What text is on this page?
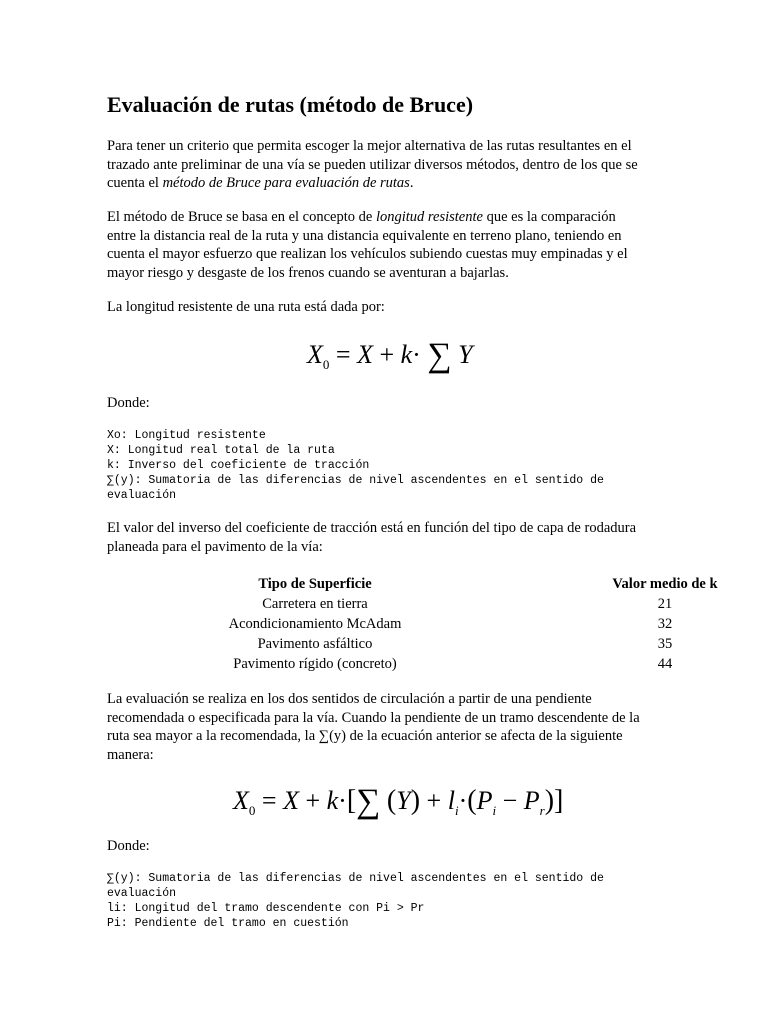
Evaluación de rutas (método de Bruce)

Para tener un criterio que permita escoger la mejor alternativa de las rutas resultantes en el
trazado ante preliminar de una vía se pueden utilizar diversos métodos, dentro de los que se
cuenta el método de Bruce para evaluación de rutas.

El método de Bruce se basa en el concepto de longitud resistente que es la comparación
entre la distancia real de la ruta y una distancia equivalente en terreno plano, teniendo en
cuenta el mayor esfuerzo que realizan los vehículos subiendo cuestas muy empinadas y el
mayor riesgo y desgaste de los frenos cuando se aventuran a bajarlas.

La longitud resistente de una ruta está dada por:

$X_0 = X + k\cdot$ ∑ Y

Donde:

Xo: Longitud resistente
X: Longitud real total de la ruta
k: Inverso del coeficiente de tracción
∑(y): Sumatoria de las diferencias de nivel ascendentes en el sentido de
evaluación

El valor del inverso del coeficiente de tracción está en función del tipo de capa de rodadura
planeada para el pavimento de la vía:

Tipo de Superficie		Valor medio de k
Carretera en tierra		21
Acondicionamiento McAdam		32
Pavimento asfáltico		35
Pavimento rígido (concreto)		44

La evaluación se realiza en los dos sentidos de circulación a partir de una pendiente
recomendada o especificada para la vía. Cuando la pendiente de un tramo descendente de la
ruta sea mayor a la recomendada, la ∑(y) de la ecuación anterior se afecta de la siguiente
manera:

$X_0 = X + k\cdot[\sum$ $(Y) + l_i\cdot(P_i - P_r)$]

Donde:

∑(y): Sumatoria de las diferencias de nivel ascendentes en el sentido de
evaluación
li: Longitud del tramo descendente con Pi > Pr
Pi: Pendiente del tramo en cuestión
